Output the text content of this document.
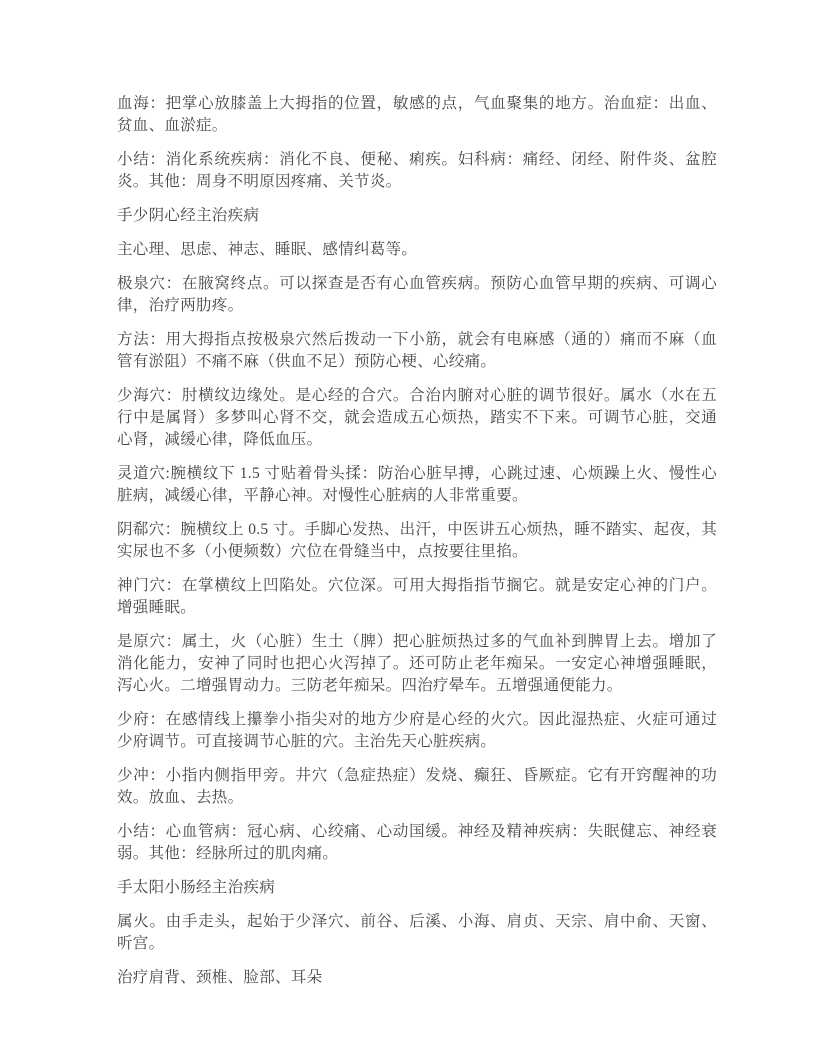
血海：把掌心放膝盖上大拇指的位置，敏感的点，气血聚集的地方。治血症：出血、贫血、血淤症。

小结：消化系统疾病：消化不良、便秘、痢疾。妇科病：痛经、闭经、附件炎、盆腔炎。其他：周身不明原因疼痛、关节炎。

手少阴心经主治疾病

主心理、思虑、神志、睡眠、感情纠葛等。

极泉穴：在腋窝终点。可以探查是否有心血管疾病。预防心血管早期的疾病、可调心律，治疗两肋疼。

方法：用大拇指点按极泉穴然后拨动一下小筋，就会有电麻感（通的）痛而不麻（血管有淤阻）不痛不麻（供血不足）预防心梗、心绞痛。

少海穴：肘横纹边缘处。是心经的合穴。合治内腑对心脏的调节很好。属水（水在五行中是属肾）多梦叫心肾不交，就会造成五心烦热，踏实不下来。可调节心脏，交通心肾，减缓心律，降低血压。

灵道穴:腕横纹下 1.5 寸贴着骨头揉：防治心脏早搏，心跳过速、心烦躁上火、慢性心脏病，减缓心律，平静心神。对慢性心脏病的人非常重要。

阴郗穴：腕横纹上 0.5 寸。手脚心发热、出汗，中医讲五心烦热，睡不踏实、起夜，其实尿也不多（小便频数）穴位在骨缝当中，点按要往里掐。

神门穴：在掌横纹上凹陷处。穴位深。可用大拇指指节搁它。就是安定心神的门户。增强睡眠。

是原穴：属土，火（心脏）生土（脾）把心脏烦热过多的气血补到脾胃上去。增加了消化能力，安神了同时也把心火泻掉了。还可防止老年痴呆。一安定心神增强睡眠，泻心火。二增强胃动力。三防老年痴呆。四治疗晕车。五增强通便能力。

少府：在感情线上攥拳小指尖对的地方少府是心经的火穴。因此湿热症、火症可通过少府调节。可直接调节心脏的穴。主治先天心脏疾病。

少冲：小指内侧指甲旁。井穴（急症热症）发烧、癫狂、昏厥症。它有开窍醒神的功效。放血、去热。

小结：心血管病：冠心病、心绞痛、心动国缓。神经及精神疾病：失眠健忘、神经衰弱。其他：经脉所过的肌肉痛。

手太阳小肠经主治疾病

属火。由手走头，起始于少泽穴、前谷、后溪、小海、肩贞、天宗、肩中俞、天窗、听宫。

治疗肩背、颈椎、脸部、耳朵
